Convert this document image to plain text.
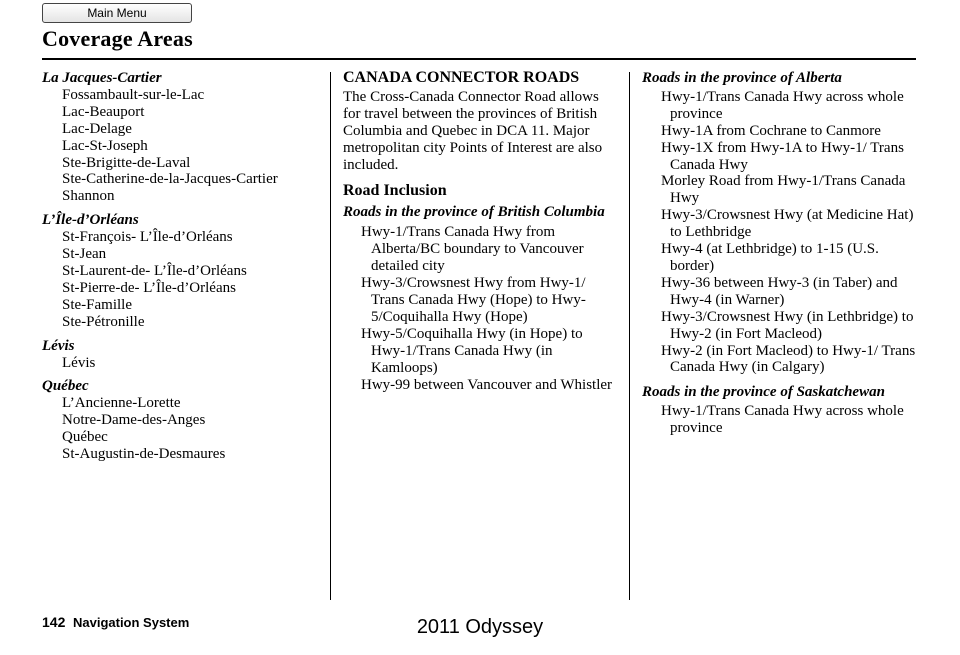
Main Menu
Coverage Areas
La Jacques-Cartier
Fossambault-sur-le-Lac
Lac-Beauport
Lac-Delage
Lac-St-Joseph
Ste-Brigitte-de-Laval
Ste-Catherine-de-la-Jacques-Cartier
Shannon
L’Île-d’Orléans
St-François- L’Île-d’Orléans
St-Jean
St-Laurent-de- L’Île-d’Orléans
St-Pierre-de- L’Île-d’Orléans
Ste-Famille
Ste-Pétronille
Lévis
Lévis
Québec
L’Ancienne-Lorette
Notre-Dame-des-Anges
Québec
St-Augustin-de-Desmaures
CANADA CONNECTOR ROADS
The Cross-Canada Connector Road allows for travel between the provinces of British Columbia and Quebec in DCA 11. Major metropolitan city Points of Interest are also included.
Road Inclusion
Roads in the province of British Columbia
Hwy-1/Trans Canada Hwy from Alberta/BC boundary to Vancouver detailed city
Hwy-3/Crowsnest Hwy from Hwy-1/ Trans Canada Hwy (Hope) to Hwy-5/Coquihalla Hwy (Hope)
Hwy-5/Coquihalla Hwy (in Hope) to Hwy-1/Trans Canada Hwy (in Kamloops)
Hwy-99 between Vancouver and Whistler
Roads in the province of Alberta
Hwy-1/Trans Canada Hwy across whole province
Hwy-1A from Cochrane to Canmore
Hwy-1X from Hwy-1A to Hwy-1/ Trans Canada Hwy
Morley Road from Hwy-1/Trans Canada Hwy
Hwy-3/Crowsnest Hwy (at Medicine Hat) to Lethbridge
Hwy-4 (at Lethbridge) to 1-15 (U.S. border)
Hwy-36 between Hwy-3 (in Taber) and Hwy-4 (in Warner)
Hwy-3/Crowsnest Hwy (in Lethbridge) to Hwy-2 (in Fort Macleod)
Hwy-2 (in Fort Macleod) to Hwy-1/ Trans Canada Hwy (in Calgary)
Roads in the province of Saskatchewan
Hwy-1/Trans Canada Hwy across whole province
142 Navigation System	2011 Odyssey
